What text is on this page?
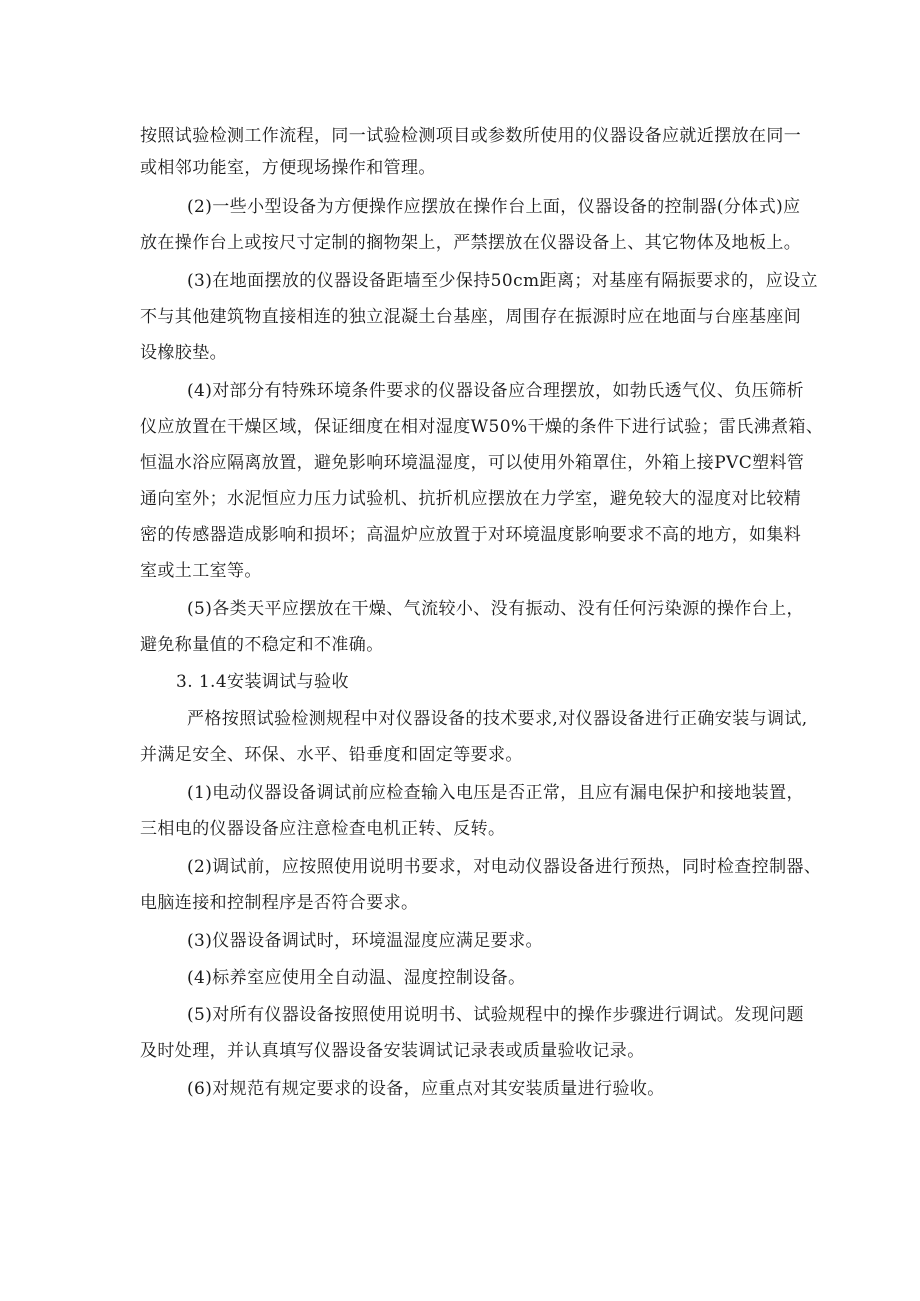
按照试验检测工作流程，同一试验检测项目或参数所使用的仪器设备应就近摆放在同一

或相邻功能室，方便现场操作和管理。

(2)一些小型设备为方便操作应摆放在操作台上面，仪器设备的控制器(分体式)应

放在操作台上或按尺寸定制的搁物架上，严禁摆放在仪器设备上、其它物体及地板上。

(3)在地面摆放的仪器设备距墙至少保持50cm距离；对基座有隔振要求的，应设立

不与其他建筑物直接相连的独立混凝土台基座，周围存在振源时应在地面与台座基座间

设橡胶垫。

(4)对部分有特殊环境条件要求的仪器设备应合理摆放，如勃氏透气仪、负压筛析

仪应放置在干燥区域，保证细度在相对湿度W50%干燥的条件下进行试验；雷氏沸煮箱、

恒温水浴应隔离放置，避免影响环境温湿度，可以使用外箱罩住，外箱上接PVC塑料管

通向室外；水泥恒应力压力试验机、抗折机应摆放在力学室，避免较大的湿度对比较精

密的传感器造成影响和损坏；高温炉应放置于对环境温度影响要求不高的地方，如集料

室或土工室等。

(5)各类天平应摆放在干燥、气流较小、没有振动、没有任何污染源的操作台上，

避免称量值的不稳定和不准确。

3. 1.4安装调试与验收

严格按照试验检测规程中对仪器设备的技术要求,对仪器设备进行正确安装与调试,

并满足安全、环保、水平、铅垂度和固定等要求。

(1)电动仪器设备调试前应检查输入电压是否正常，且应有漏电保护和接地装置，

三相电的仪器设备应注意检查电机正转、反转。

(2)调试前，应按照使用说明书要求，对电动仪器设备进行预热，同时检查控制器、

电脑连接和控制程序是否符合要求。

(3)仪器设备调试时，环境温湿度应满足要求。

(4)标养室应使用全自动温、湿度控制设备。

(5)对所有仪器设备按照使用说明书、试验规程中的操作步骤进行调试。发现问题

及时处理，并认真填写仪器设备安装调试记录表或质量验收记录。

(6)对规范有规定要求的设备，应重点对其安装质量进行验收。
